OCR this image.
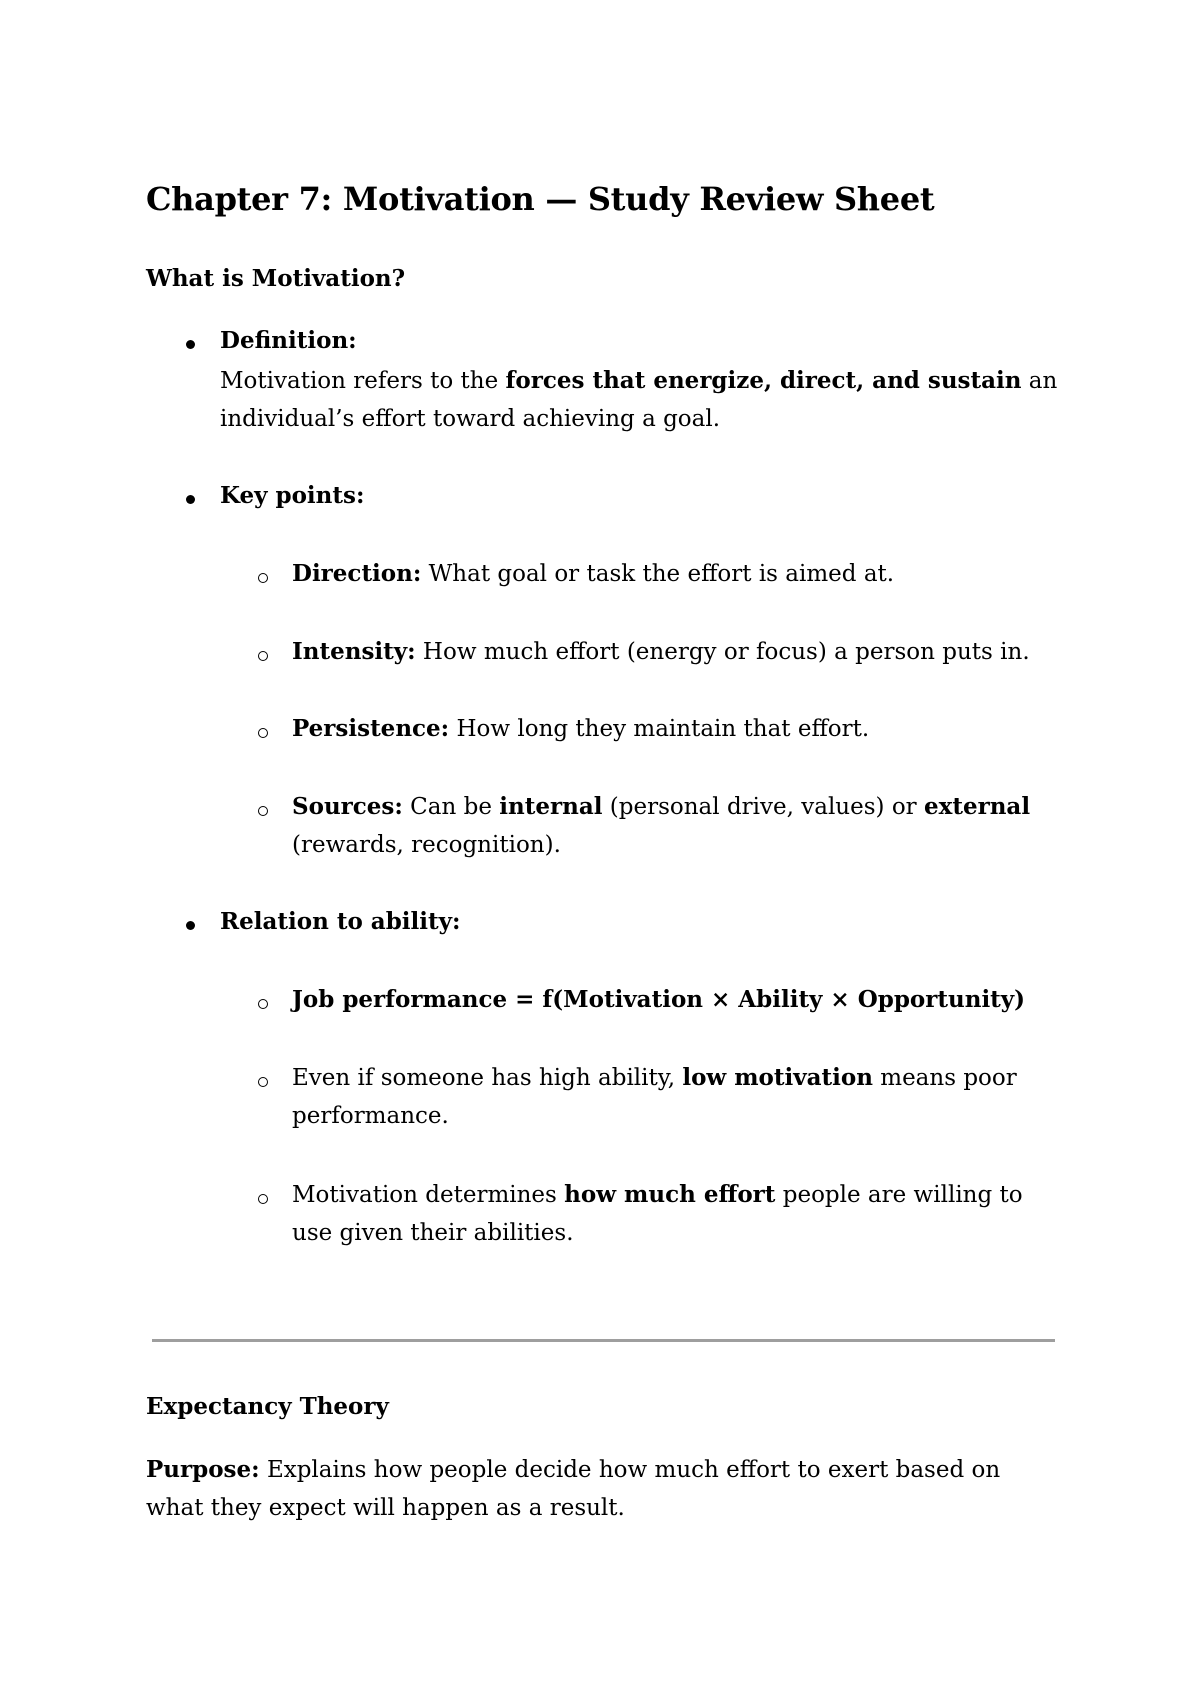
Chapter 7: Motivation — Study Review Sheet
What is Motivation?
Definition:
Motivation refers to the forces that energize, direct, and sustain an
individual’s effort toward achieving a goal.
Key points:
Direction: What goal or task the effort is aimed at.
Intensity: How much effort (energy or focus) a person puts in.
Persistence: How long they maintain that effort.
Sources: Can be internal (personal drive, values) or external
(rewards, recognition).
Relation to ability:
Job performance = f(Motivation × Ability × Opportunity)
Even if someone has high ability, low motivation means poor
performance.
Motivation determines how much effort people are willing to
use given their abilities.
Expectancy Theory
Purpose: Explains how people decide how much effort to exert based on
what they expect will happen as a result.
